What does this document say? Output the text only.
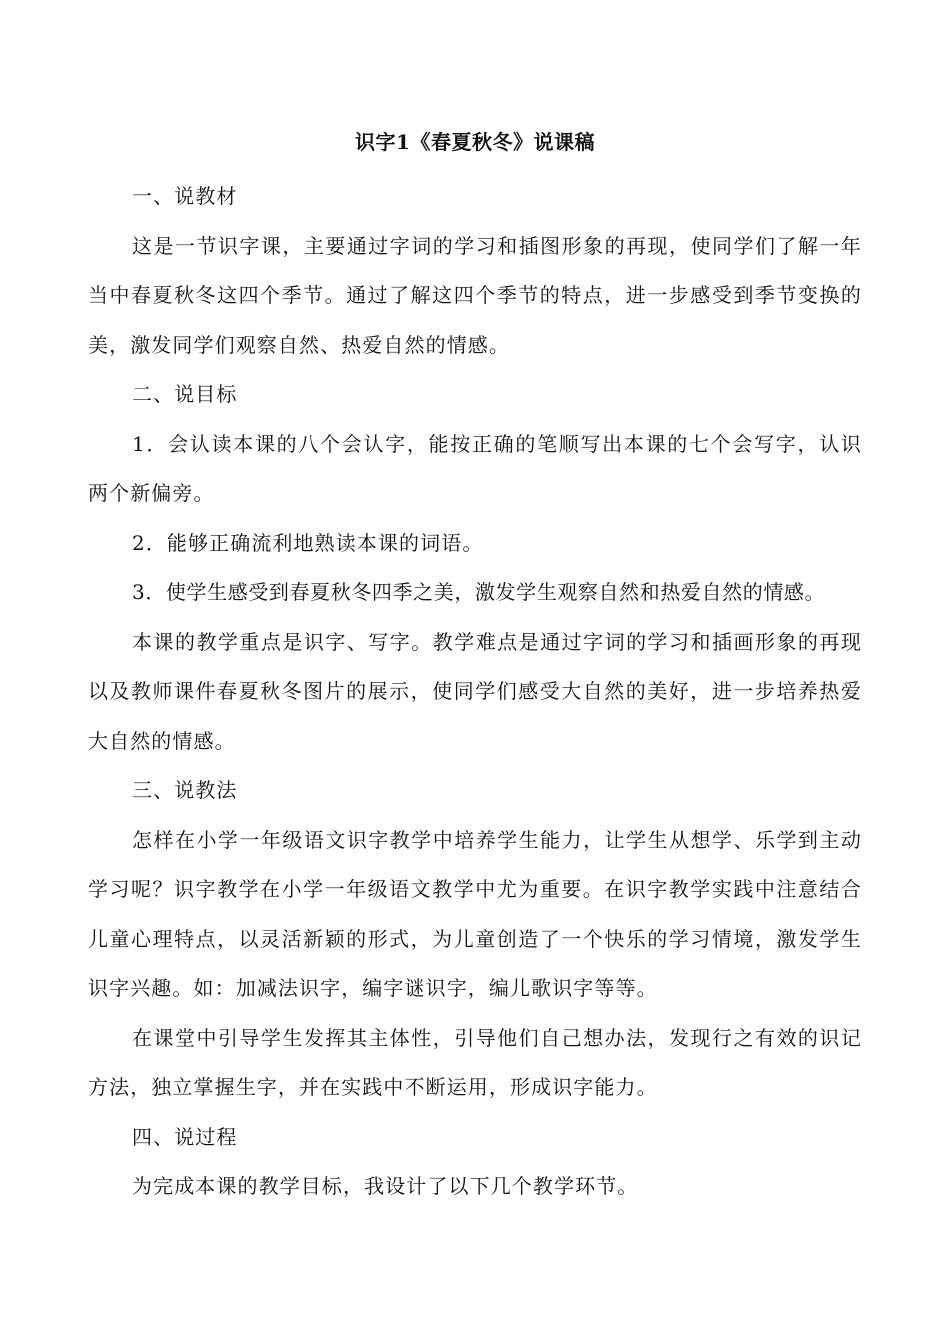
识字1《春夏秋冬》说课稿

一、说教材

这是一节识字课，主要通过字词的学习和插图形象的再现，使同学们了解一年当中春夏秋冬这四个季节。通过了解这四个季节的特点，进一步感受到季节变换的美，激发同学们观察自然、热爱自然的情感。

二、说目标

1．会认读本课的八个会认字，能按正确的笔顺写出本课的七个会写字，认识两个新偏旁。

2．能够正确流利地熟读本课的词语。

3．使学生感受到春夏秋冬四季之美，激发学生观察自然和热爱自然的情感。

本课的教学重点是识字、写字。教学难点是通过字词的学习和插画形象的再现以及教师课件春夏秋冬图片的展示，使同学们感受大自然的美好，进一步培养热爱大自然的情感。

三、说教法

怎样在小学一年级语文识字教学中培养学生能力，让学生从想学、乐学到主动学习呢？识字教学在小学一年级语文教学中尤为重要。在识字教学实践中注意结合儿童心理特点，以灵活新颖的形式，为儿童创造了一个快乐的学习情境，激发学生识字兴趣。如：加减法识字，编字谜识字，编儿歌识字等等。

在课堂中引导学生发挥其主体性，引导他们自己想办法，发现行之有效的识记方法，独立掌握生字，并在实践中不断运用，形成识字能力。

四、说过程

为完成本课的教学目标，我设计了以下几个教学环节。
